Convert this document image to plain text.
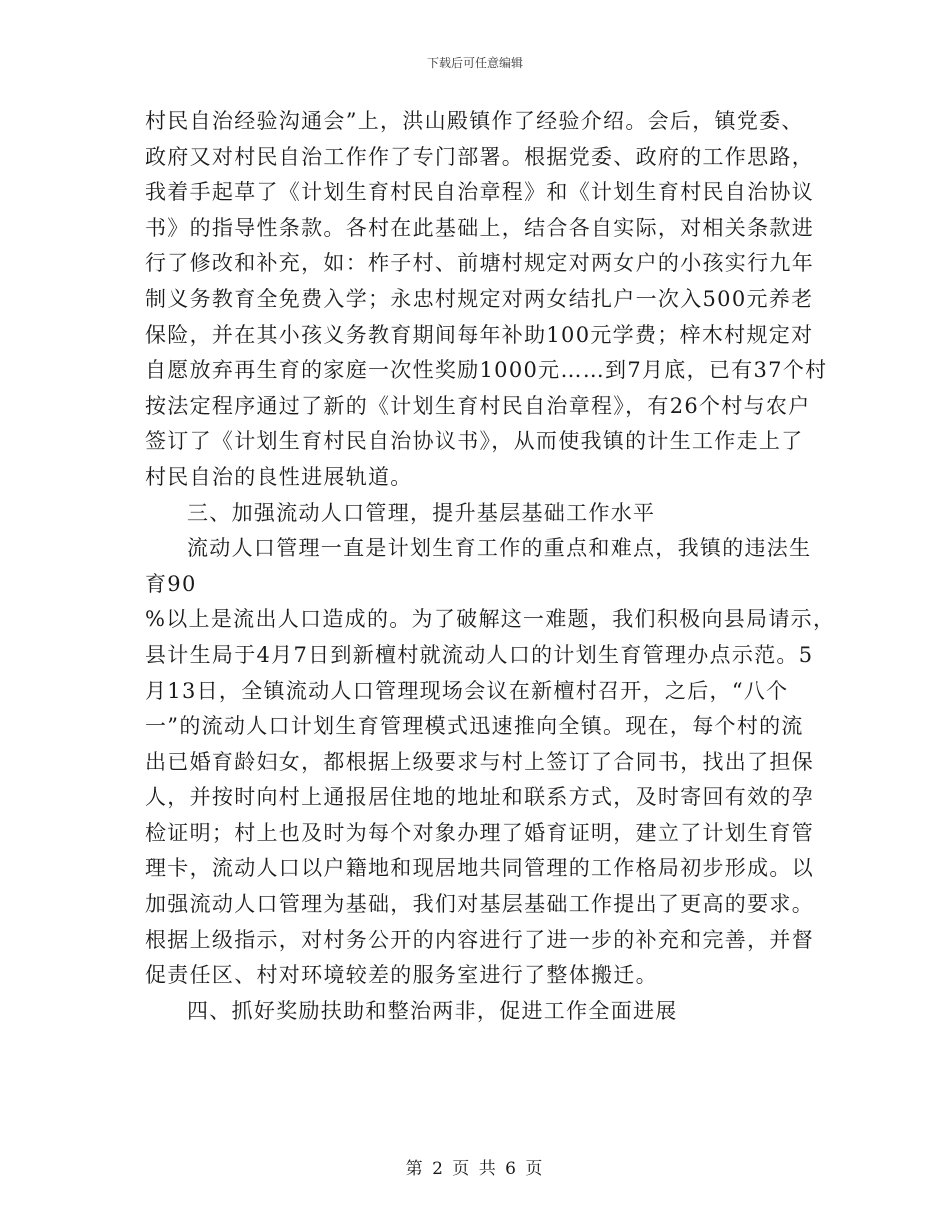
下载后可任意编辑
村民自治经验沟通会”上，洪山殿镇作了经验介绍。会后，镇党委、
政府又对村民自治工作作了专门部署。根据党委、政府的工作思路，
我着手起草了《计划生育村民自治章程》和《计划生育村民自治协议
书》的指导性条款。各村在此基础上，结合各自实际，对相关条款进
行了修改和补充，如：柞子村、前塘村规定对两女户的小孩实行九年
制义务教育全免费入学；永忠村规定对两女结扎户一次入500元养老
保险，并在其小孩义务教育期间每年补助100元学费；梓木村规定对
自愿放弃再生育的家庭一次性奖励1000元……到7月底，已有37个村
按法定程序通过了新的《计划生育村民自治章程》，有26个村与农户
签订了《计划生育村民自治协议书》，从而使我镇的计生工作走上了
村民自治的良性进展轨道。
三、加强流动人口管理，提升基层基础工作水平
流动人口管理一直是计划生育工作的重点和难点，我镇的违法生
育90
%以上是流出人口造成的。为了破解这一难题，我们积极向县局请示，
县计生局于4月7日到新檀村就流动人口的计划生育管理办点示范。5
月13日，全镇流动人口管理现场会议在新檀村召开，之后，“八个
一”的流动人口计划生育管理模式迅速推向全镇。现在，每个村的流
出已婚育龄妇女，都根据上级要求与村上签订了合同书，找出了担保
人，并按时向村上通报居住地的地址和联系方式，及时寄回有效的孕
检证明；村上也及时为每个对象办理了婚育证明，建立了计划生育管
理卡，流动人口以户籍地和现居地共同管理的工作格局初步形成。以
加强流动人口管理为基础，我们对基层基础工作提出了更高的要求。
根据上级指示，对村务公开的内容进行了进一步的补充和完善，并督
促责任区、村对环境较差的服务室进行了整体搬迁。
四、抓好奖励扶助和整治两非，促进工作全面进展
第 2 页 共 6 页
